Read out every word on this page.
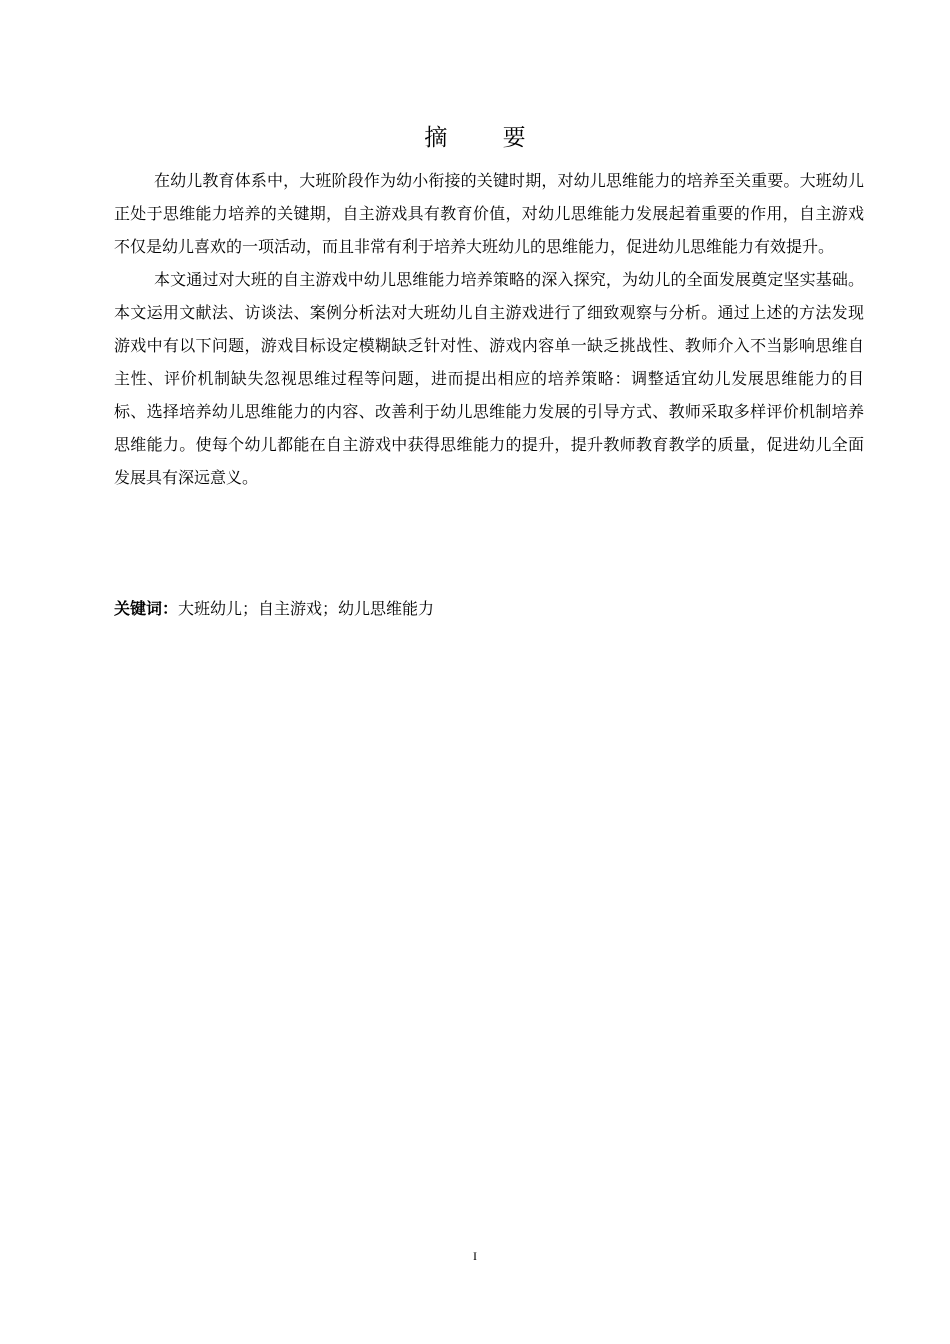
摘 要

在幼儿教育体系中，大班阶段作为幼小衔接的关键时期，对幼儿思维能力的培养至关重要。大班幼儿正处于思维能力培养的关键期，自主游戏具有教育价值，对幼儿思维能力发展起着重要的作用，自主游戏不仅是幼儿喜欢的一项活动，而且非常有利于培养大班幼儿的思维能力，促进幼儿思维能力有效提升。

本文通过对大班的自主游戏中幼儿思维能力培养策略的深入探究，为幼儿的全面发展奠定坚实基础。本文运用文献法、访谈法、案例分析法对大班幼儿自主游戏进行了细致观察与分析。通过上述的方法发现游戏中有以下问题，游戏目标设定模糊缺乏针对性、游戏内容单一缺乏挑战性、教师介入不当影响思维自主性、评价机制缺失忽视思维过程等问题，进而提出相应的培养策略：调整适宜幼儿发展思维能力的目标、选择培养幼儿思维能力的内容、改善利于幼儿思维能力发展的引导方式、教师采取多样评价机制培养思维能力。使每个幼儿都能在自主游戏中获得思维能力的提升，提升教师教育教学的质量，促进幼儿全面发展具有深远意义。

关键词：大班幼儿；自主游戏；幼儿思维能力
I
